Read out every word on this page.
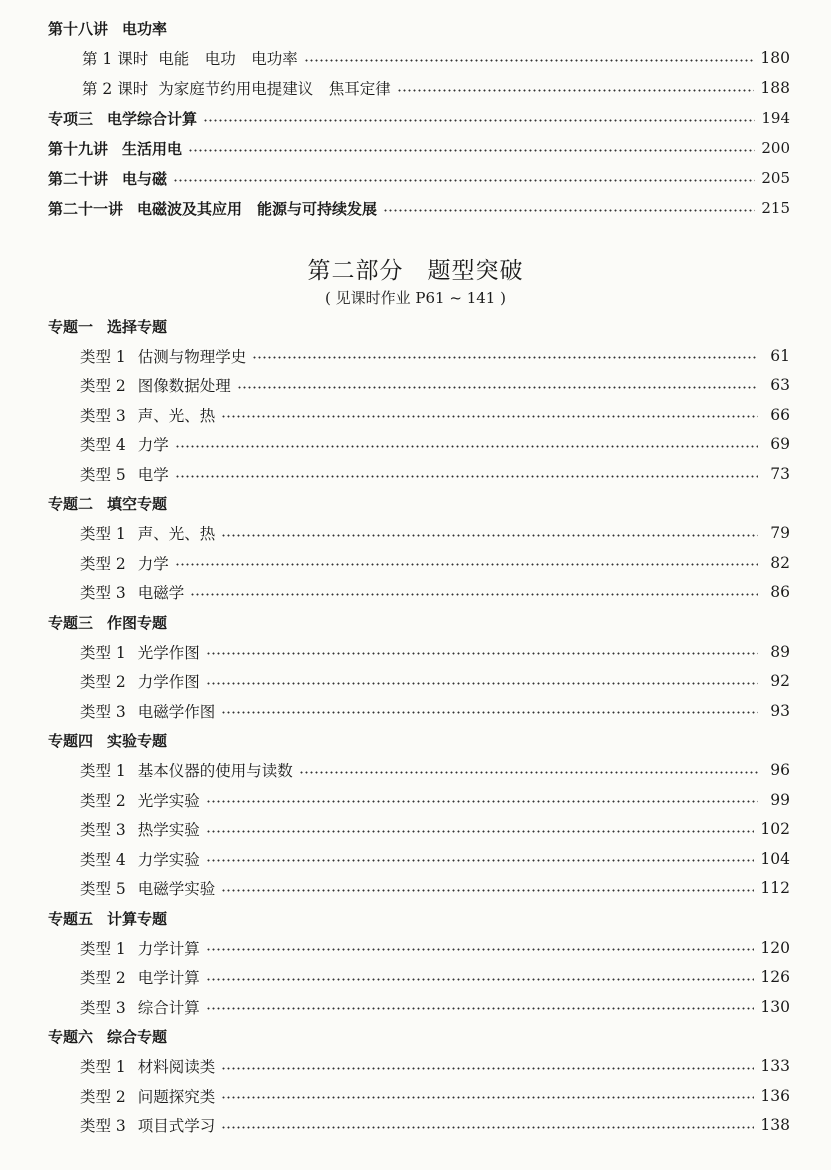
第十八讲 电功率
第 1 课时 电能　电功　电功率	180
第 2 课时 为家庭节约用电提建议　焦耳定律	188
专项三 电学综合计算	194
第十九讲 生活用电	200
第二十讲 电与磁	205
第二十一讲 电磁波及其应用　能源与可持续发展	215
第二部分　题型突破
( 见课时作业 P61 ~ 141 )
专题一 选择专题
类型 1 估测与物理学史	61
类型 2 图像数据处理	63
类型 3 声、光、热	66
类型 4 力学	69
类型 5 电学	73
专题二 填空专题
类型 1 声、光、热	79
类型 2 力学	82
类型 3 电磁学	86
专题三 作图专题
类型 1 光学作图	89
类型 2 力学作图	92
类型 3 电磁学作图	93
专题四 实验专题
类型 1 基本仪器的使用与读数	96
类型 2 光学实验	99
类型 3 热学实验	102
类型 4 力学实验	104
类型 5 电磁学实验	112
专题五 计算专题
类型 1 力学计算	120
类型 2 电学计算	126
类型 3 综合计算	130
专题六 综合专题
类型 1 材料阅读类	133
类型 2 问题探究类	136
类型 3 项目式学习	138
